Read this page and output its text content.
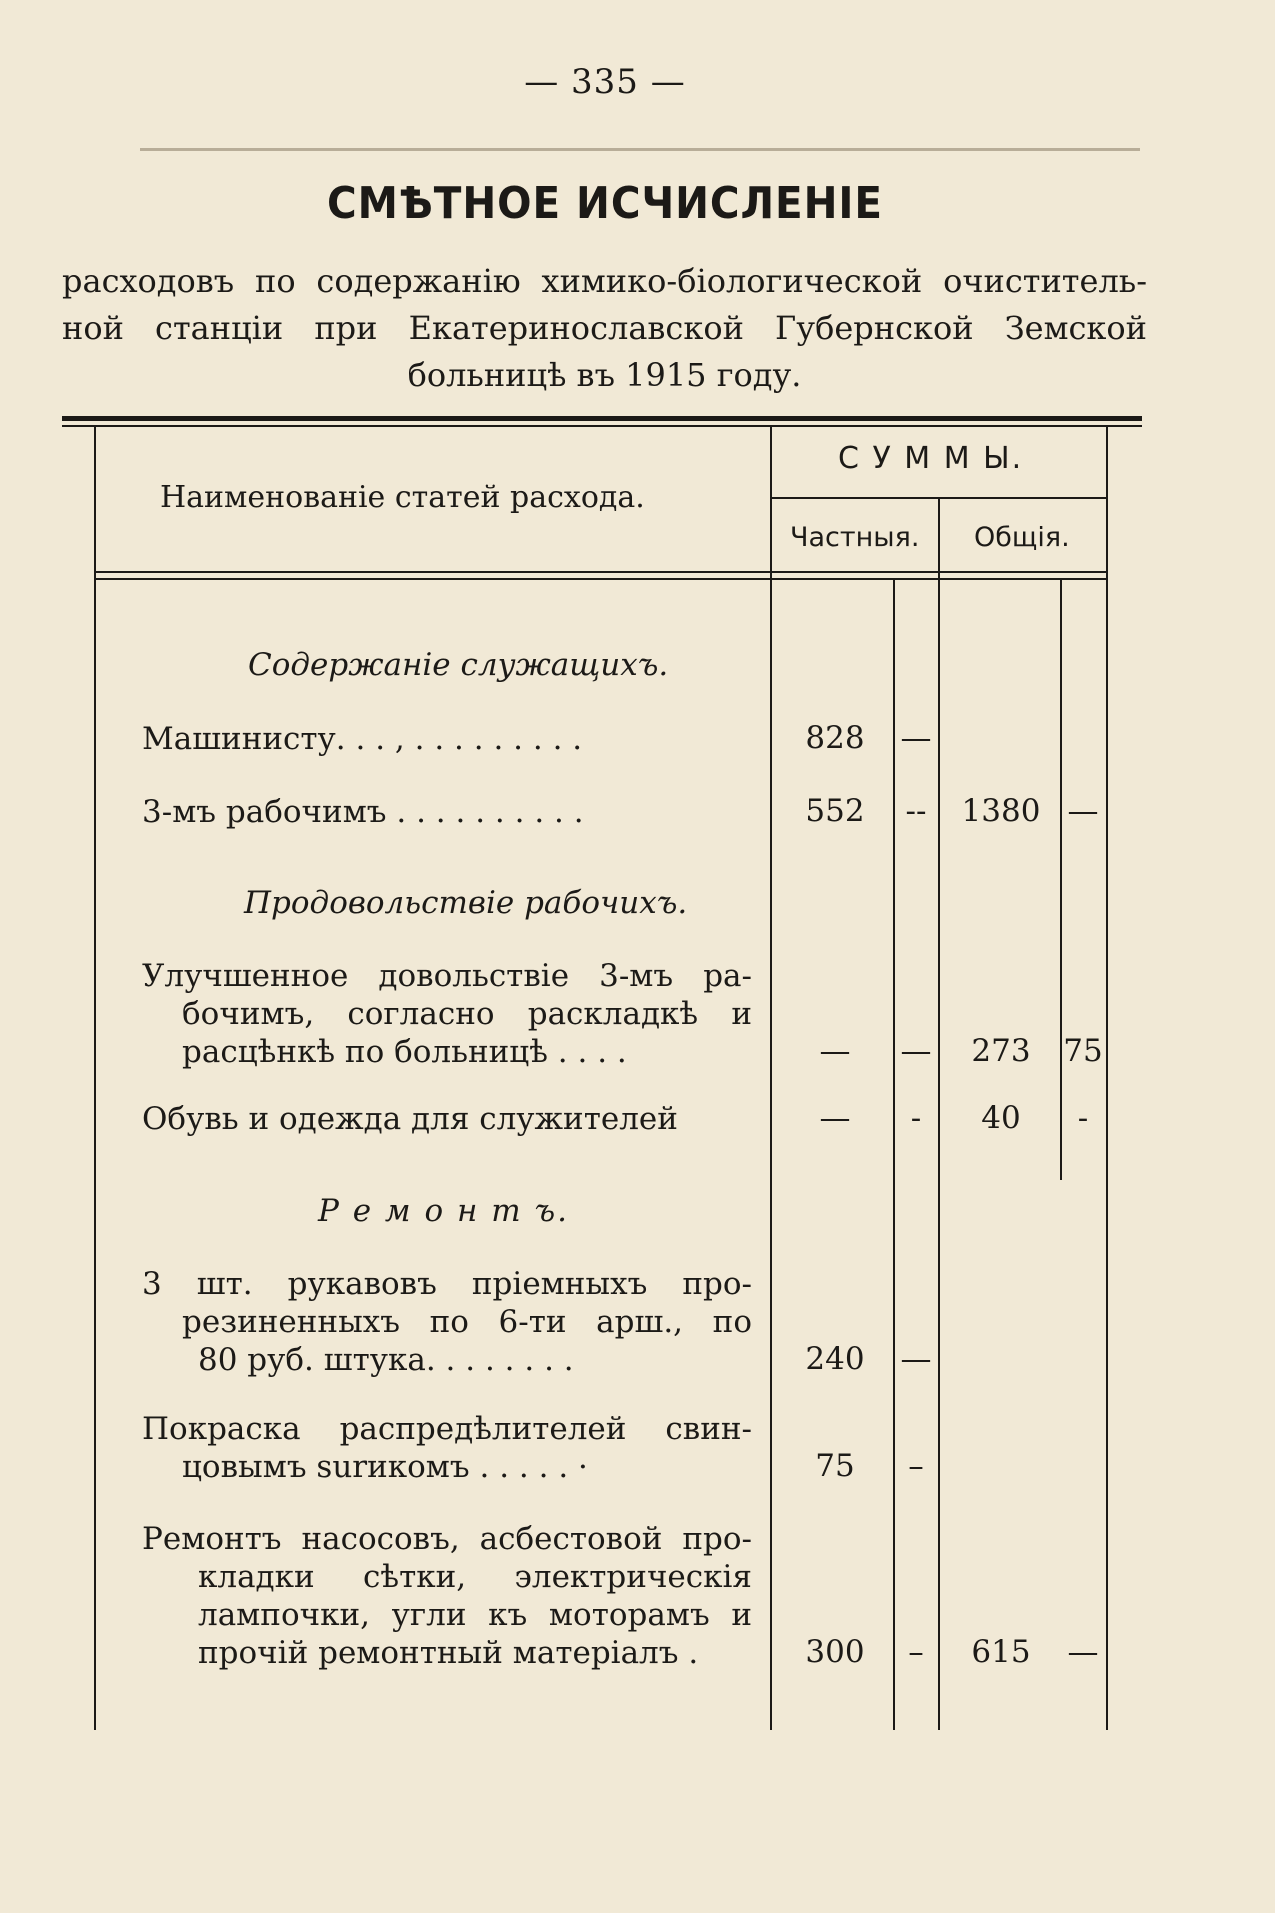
— 335 —
СМѢТНОЕ ИСЧИСЛЕНІЕ
расходовъ по содержанію химико-біологической очиститель-
ной станціи при Екатеринославской Губернской Земской
больницѣ въ 1915 году.
Наименованіе статей расхода.
С У М М Ы.
Частныя. Общія.
Содержаніе служащихъ.
Машинисту. . . , . . . . . . . . .	828	—
3-мъ рабочимъ . . . . . . . . . .	552	--	1380 —
Продовольствіе рабочихъ.
Улучшенное довольствіе 3-мъ ра-
бочимъ, согласно раскладкѣ и
расцѣнкѣ по больницѣ . . . .	—	—	273	75
Обувь и одежда для служителей	—	-	40	-
Р е м о н т ъ.
3 шт. рукавовъ пріемныхъ про-
резиненныхъ по 6-ти арш., по
80 руб. штука. . . . . . . .	240	—
Покраска распредѣлителей свин-
цовымъ surикомъ . . . . . ·	75	–
Ремонтъ насосовъ, асбестовой про-
кладки сѣтки, электрическія
лампочки, угли къ моторамъ и
прочій ремонтный матеріалъ .	300	–	615	—
